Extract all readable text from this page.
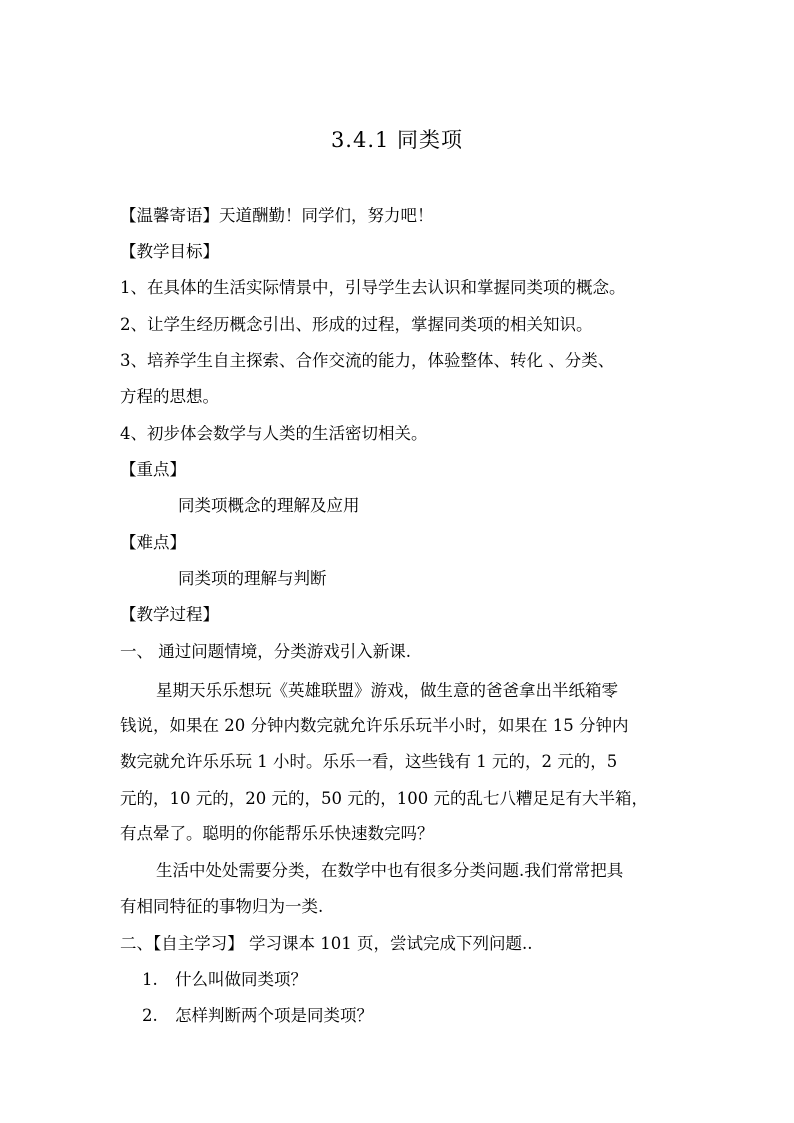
3.4.1 同类项
【温馨寄语】天道酬勤！同学们，努力吧！
【教学目标】
1、在具体的生活实际情景中，引导学生去认识和掌握同类项的概念。
2、让学生经历概念引出、形成的过程，掌握同类项的相关知识。
3、培养学生自主探索、合作交流的能力，体验整体、转化 、分类、
方程的思想。
4、初步体会数学与人类的生活密切相关。
【重点】
同类项概念的理解及应用
【难点】
同类项的理解与判断
【教学过程】
一、 通过问题情境，分类游戏引入新课.
星期天乐乐想玩《英雄联盟》游戏，做生意的爸爸拿出半纸箱零
钱说，如果在 20 分钟内数完就允许乐乐玩半小时，如果在 15 分钟内
数完就允许乐乐玩 1 小时。乐乐一看，这些钱有 1 元的，2 元的，5
元的，10 元的，20 元的，50 元的，100 元的乱七八糟足足有大半箱，
有点晕了。聪明的你能帮乐乐快速数完吗？
生活中处处需要分类，在数学中也有很多分类问题.我们常常把具
有相同特征的事物归为一类.
二、【自主学习】 学习课本 101 页，尝试完成下列问题..
1. 什么叫做同类项？
2. 怎样判断两个项是同类项？
